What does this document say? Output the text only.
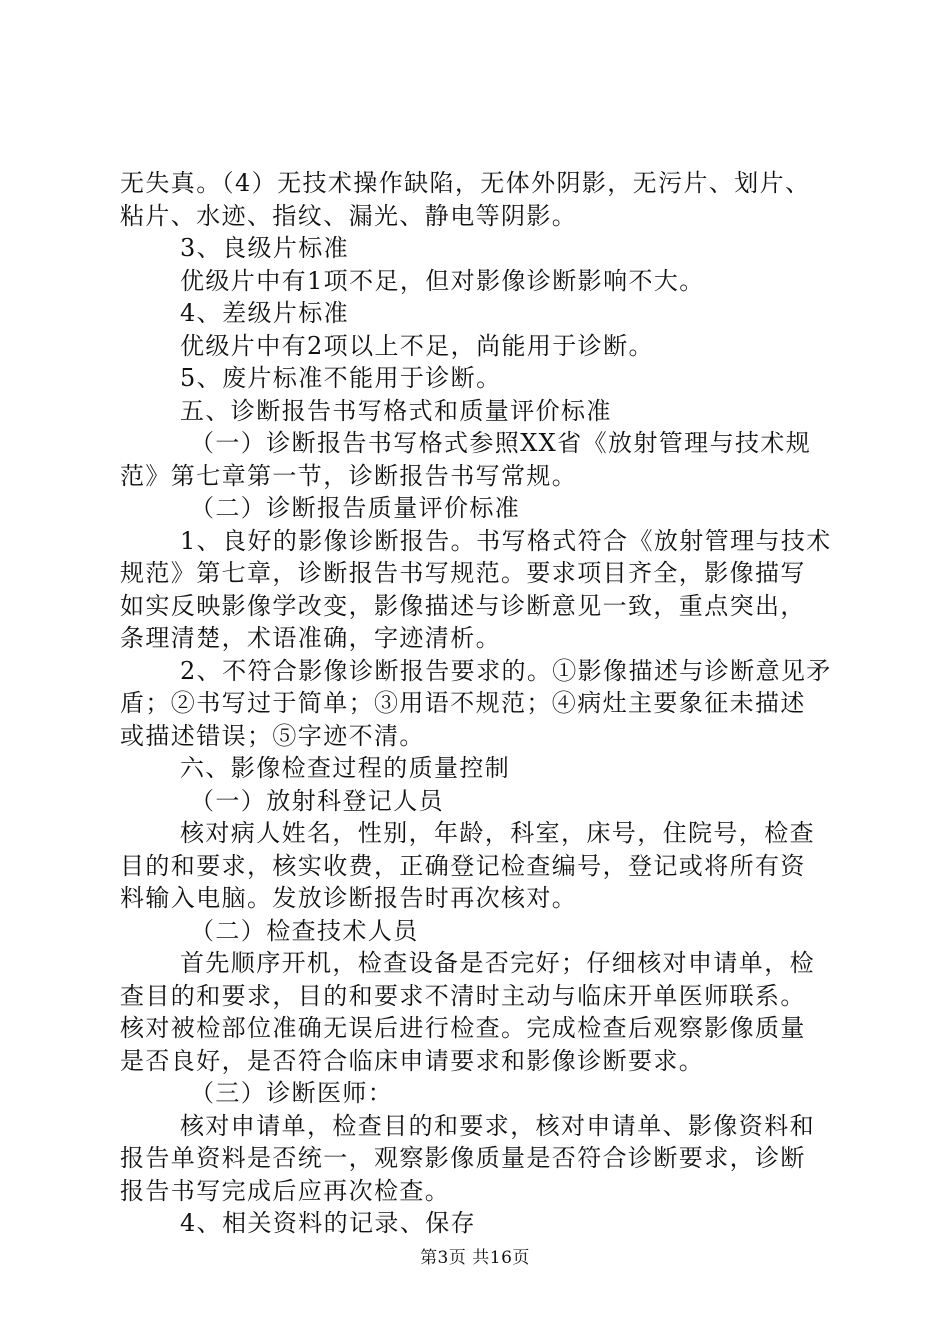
无失真。（4）无技术操作缺陷，无体外阴影，无污片、划片、
粘片、水迹、指纹、漏光、静电等阴影。
3、良级片标准
优级片中有1项不足，但对影像诊断影响不大。
4、差级片标准
优级片中有2项以上不足，尚能用于诊断。
5、废片标准不能用于诊断。
五、诊断报告书写格式和质量评价标准
（一）诊断报告书写格式参照XX省《放射管理与技术规
范》第七章第一节，诊断报告书写常规。
（二）诊断报告质量评价标准
1、良好的影像诊断报告。书写格式符合《放射管理与技术
规范》第七章，诊断报告书写规范。要求项目齐全，影像描写
如实反映影像学改变，影像描述与诊断意见一致，重点突出，
条理清楚，术语准确，字迹清析。
2、不符合影像诊断报告要求的。①影像描述与诊断意见矛
盾；②书写过于简单；③用语不规范；④病灶主要象征未描述
或描述错误；⑤字迹不清。
六、影像检查过程的质量控制
（一）放射科登记人员
核对病人姓名，性别，年龄，科室，床号，住院号，检查
目的和要求，核实收费，正确登记检查编号，登记或将所有资
料输入电脑。发放诊断报告时再次核对。
（二）检查技术人员
首先顺序开机，检查设备是否完好；仔细核对申请单，检
查目的和要求，目的和要求不清时主动与临床开单医师联系。
核对被检部位准确无误后进行检查。完成检查后观察影像质量
是否良好，是否符合临床申请要求和影像诊断要求。
（三）诊断医师：
核对申请单，检查目的和要求，核对申请单、影像资料和
报告单资料是否统一，观察影像质量是否符合诊断要求，诊断
报告书写完成后应再次检查。
4、相关资料的记录、保存
第3页 共16页
